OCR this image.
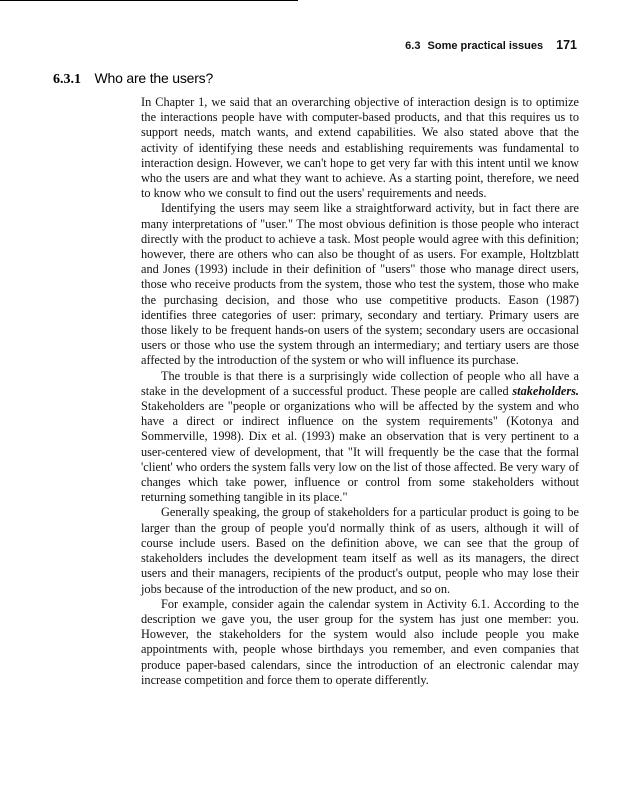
6.3 Some practical issues 171
6.3.1 Who are the users?

In Chapter 1, we said that an overarching objective of interaction design is to optimize the interactions people have with computer-based products, and that this requires us to support needs, match wants, and extend capabilities. We also stated above that the activity of identifying these needs and establishing requirements was fundamental to interaction design. However, we can't hope to get very far with this intent until we know who the users are and what they want to achieve. As a starting point, therefore, we need to know who we consult to find out the users' requirements and needs.

Identifying the users may seem like a straightforward activity, but in fact there are many interpretations of "user." The most obvious definition is those people who interact directly with the product to achieve a task. Most people would agree with this definition; however, there are others who can also be thought of as users. For example, Holtzblatt and Jones (1993) include in their definition of "users" those who manage direct users, those who receive products from the system, those who test the system, those who make the purchasing decision, and those who use competitive products. Eason (1987) identifies three categories of user: primary, secondary and tertiary. Primary users are those likely to be frequent hands-on users of the system; secondary users are occasional users or those who use the system through an intermediary; and tertiary users are those affected by the introduction of the system or who will influence its purchase.

The trouble is that there is a surprisingly wide collection of people who all have a stake in the development of a successful product. These people are called stakeholders. Stakeholders are "people or organizations who will be affected by the system and who have a direct or indirect influence on the system requirements" (Kotonya and Sommerville, 1998). Dix et al. (1993) make an observation that is very pertinent to a user-centered view of development, that "It will frequently be the case that the formal 'client' who orders the system falls very low on the list of those affected. Be very wary of changes which take power, influence or control from some stakeholders without returning something tangible in its place."

Generally speaking, the group of stakeholders for a particular product is going to be larger than the group of people you'd normally think of as users, although it will of course include users. Based on the definition above, we can see that the group of stakeholders includes the development team itself as well as its managers, the direct users and their managers, recipients of the product's output, people who may lose their jobs because of the introduction of the new product, and so on.

For example, consider again the calendar system in Activity 6.1. According to the description we gave you, the user group for the system has just one member: you. However, the stakeholders for the system would also include people you make appointments with, people whose birthdays you remember, and even companies that produce paper-based calendars, since the introduction of an electronic calendar may increase competition and force them to operate differently.
